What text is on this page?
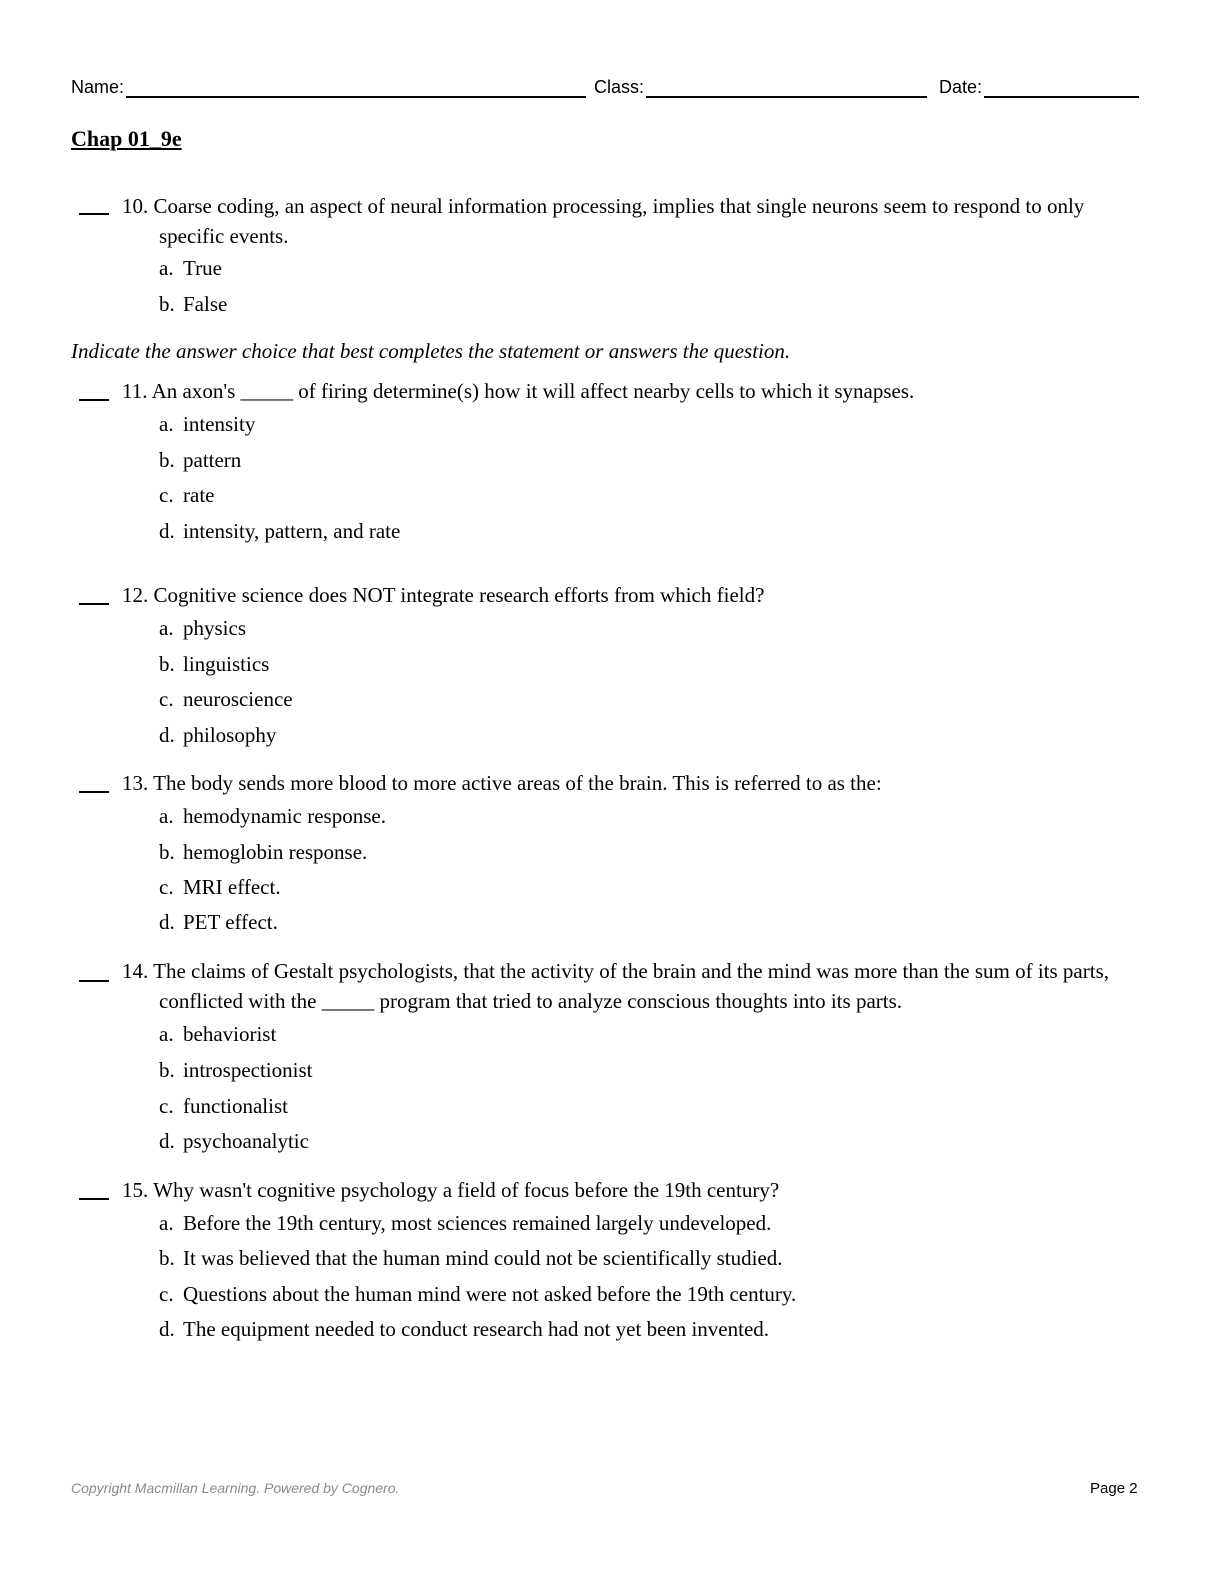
Name:	Class:	Date:
Chap 01_9e
10. Coarse coding, an aspect of neural information processing, implies that single neurons seem to respond to only specific events.
a. True
b. False
Indicate the answer choice that best completes the statement or answers the question.
11. An axon's _____ of firing determine(s) how it will affect nearby cells to which it synapses.
a. intensity
b. pattern
c. rate
d. intensity, pattern, and rate
12. Cognitive science does NOT integrate research efforts from which field?
a. physics
b. linguistics
c. neuroscience
d. philosophy
13. The body sends more blood to more active areas of the brain. This is referred to as the:
a. hemodynamic response.
b. hemoglobin response.
c. MRI effect.
d. PET effect.
14. The claims of Gestalt psychologists, that the activity of the brain and the mind was more than the sum of its parts, conflicted with the _____ program that tried to analyze conscious thoughts into its parts.
a. behaviorist
b. introspectionist
c. functionalist
d. psychoanalytic
15. Why wasn't cognitive psychology a field of focus before the 19th century?
a. Before the 19th century, most sciences remained largely undeveloped.
b. It was believed that the human mind could not be scientifically studied.
c. Questions about the human mind were not asked before the 19th century.
d. The equipment needed to conduct research had not yet been invented.
Copyright Macmillan Learning. Powered by Cognero.	Page 2
